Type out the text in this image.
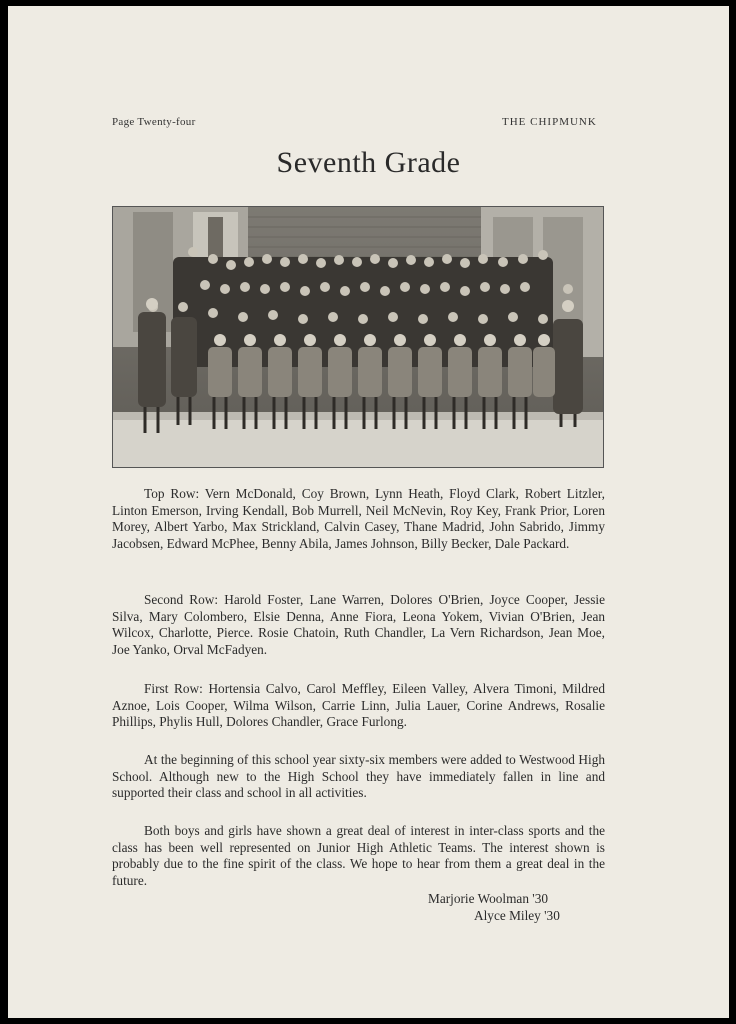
Page Twenty-four	THE CHIPMUNK
Seventh Grade

Top Row: Vern McDonald, Coy Brown, Lynn Heath, Floyd Clark, Robert Litzler, Linton Emerson, Irving Kendall, Bob Murrell, Neil McNevin, Roy Key, Frank Prior, Loren Morey, Albert Yarbo, Max Strickland, Calvin Casey, Thane Madrid, John Sabrido, Jimmy Jacobsen, Edward McPhee, Benny Abila, James Johnson, Billy Becker, Dale Packard.

Second Row: Harold Foster, Lane Warren, Dolores O'Brien, Joyce Cooper, Jessie Silva, Mary Colombero, Elsie Denna, Anne Fiora, Leona Yokem, Vivian O'Brien, Jean Wilcox, Charlotte, Pierce. Rosie Chatoin, Ruth Chandler, La Vern Richardson, Jean Moe, Joe Yanko, Orval McFadyen.

First Row: Hortensia Calvo, Carol Meffley, Eileen Valley, Alvera Timoni, Mildred Aznoe, Lois Cooper, Wilma Wilson, Carrie Linn, Julia Lauer, Corine Andrews, Rosalie Phillips, Phylis Hull, Dolores Chandler, Grace Furlong.

At the beginning of this school year sixty-six members were added to Westwood High School. Although new to the High School they have immediately fallen in line and supported their class and school in all activities.

Both boys and girls have shown a great deal of interest in inter-class sports and the class has been well represented on Junior High Athletic Teams. The interest shown is probably due to the fine spirit of the class. We hope to hear from them a great deal in the future.

Marjorie Woolman '30
Alyce Miley '30
